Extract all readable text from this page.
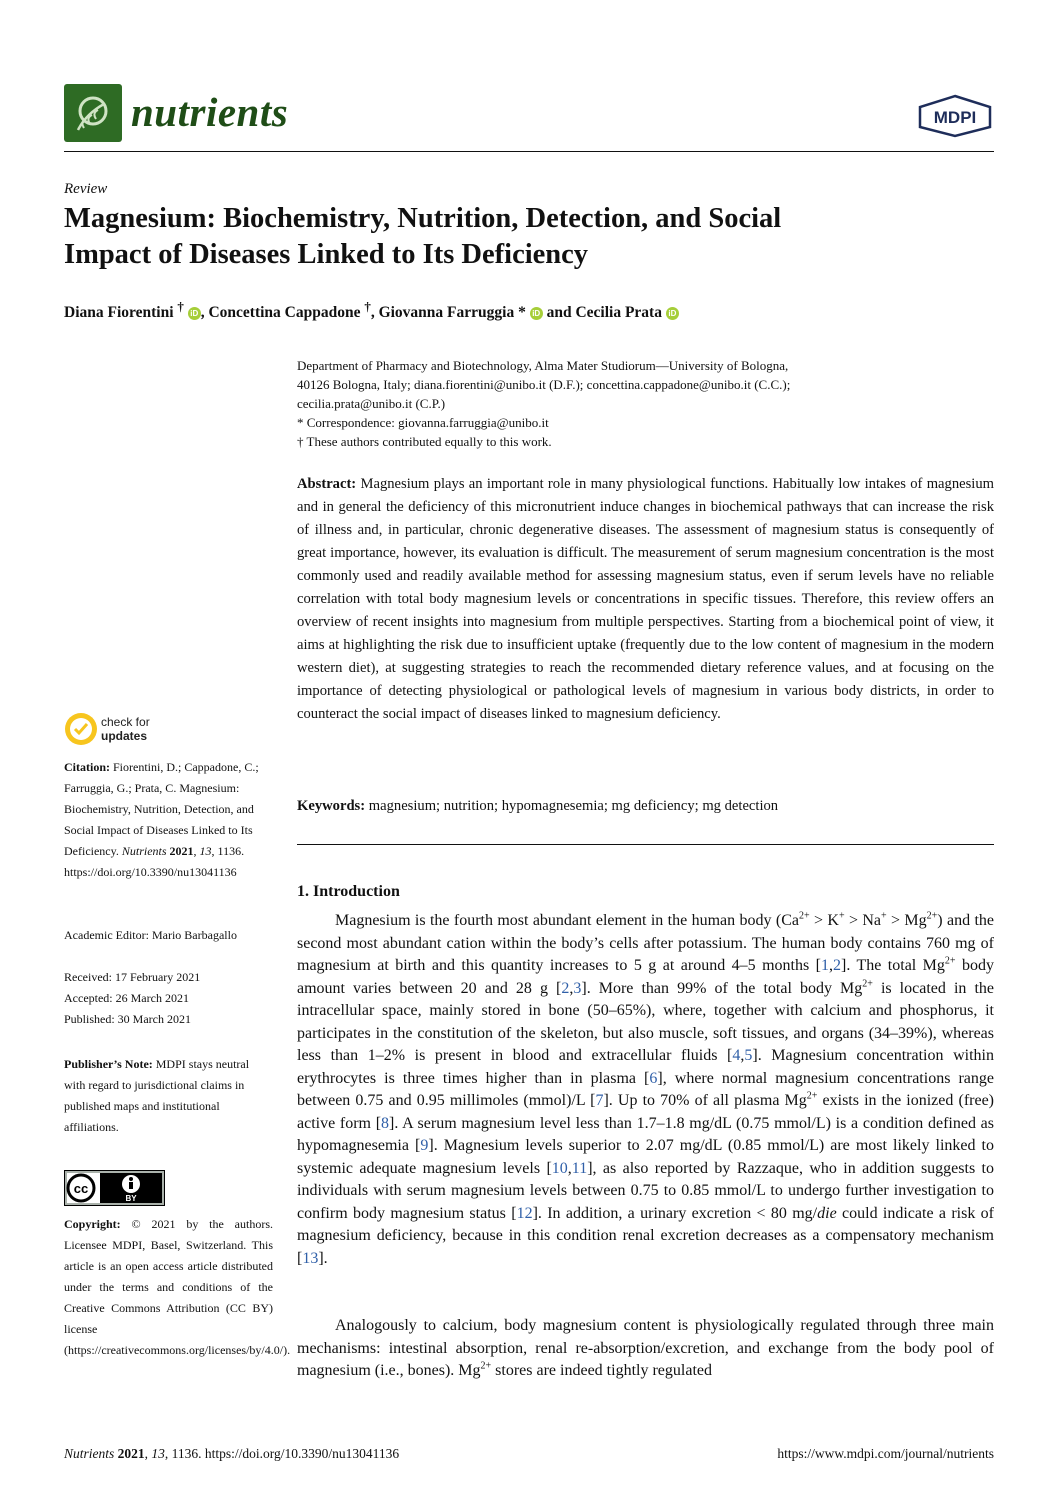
nutrients	MDPI
Review
Magnesium: Biochemistry, Nutrition, Detection, and Social
Impact of Diseases Linked to Its Deficiency
Diana Fiorentini † iD , Concettina Cappadone †, Giovanna Farruggia * iD and Cecilia Prata iD
Department of Pharmacy and Biotechnology, Alma Mater Studiorum—University of Bologna,
40126 Bologna, Italy; diana.fiorentini@unibo.it (D.F.); concettina.cappadone@unibo.it (C.C.);
cecilia.prata@unibo.it (C.P.)
* Correspondence: giovanna.farruggia@unibo.it
† These authors contributed equally to this work.
Abstract: Magnesium plays an important role in many physiological functions. Habitually low intakes of magnesium and in general the deficiency of this micronutrient induce changes in biochemical pathways that can increase the risk of illness and, in particular, chronic degenerative diseases. The assessment of magnesium status is consequently of great importance, however, its evaluation is difficult. The measurement of serum magnesium concentration is the most commonly used and readily available method for assessing magnesium status, even if serum levels have no reliable correlation with total body magnesium levels or concentrations in specific tissues. Therefore, this review offers an overview of recent insights into magnesium from multiple perspectives. Starting from a biochemical point of view, it aims at highlighting the risk due to insufficient uptake (frequently due to the low content of magnesium in the modern western diet), at suggesting strategies to reach the recommended dietary reference values, and at focusing on the importance of detecting physiological or pathological levels of magnesium in various body districts, in order to counteract the social impact of diseases linked to magnesium deficiency.
Keywords: magnesium; nutrition; hypomagnesemia; mg deficiency; mg detection
1. Introduction
Magnesium is the fourth most abundant element in the human body $(Ca^{2+} > K^+ > Na^+ > Mg^{2+})$ and the second most abundant cation within the body’s cells after potassium. The human body contains 760 mg of magnesium at birth and this quantity increases to 5 g at around 4–5 months [1,2]. The total $Mg^{2+}$ body amount varies between 20 and 28 g [2,3]. More than 99% of the total body $Mg^{2+}$ is located in the intracellular space, mainly stored in bone (50–65%), where, together with calcium and phosphorus, it participates in the constitution of the skeleton, but also muscle, soft tissues, and organs (34–39%), whereas less than 1–2% is present in blood and extracellular fluids [4,5]. Magnesium concentration within erythrocytes is three times higher than in plasma [6], where normal magnesium concentrations range between 0.75 and 0.95 millimoles (mmol)/L [7]. Up to 70% of all plasma $Mg^{2+}$ exists in the ionized (free) active form [8]. A serum magnesium level less than 1.7–1.8 mg/dL (0.75 mmol/L) is a condition defined as hypomagnesemia [9]. Magnesium levels superior to 2.07 mg/dL (0.85 mmol/L) are most likely linked to systemic adequate magnesium levels [10,11], as also reported by Razzaque, who in addition suggests to individuals with serum magnesium levels between 0.75 to 0.85 mmol/L to undergo further investigation to confirm body magnesium status [12]. In addition, a urinary excretion < 80 mg/die could indicate a risk of magnesium deficiency, because in this condition renal excretion decreases as a compensatory mechanism [13].
Analogously to calcium, body magnesium content is physiologically regulated through three main mechanisms: intestinal absorption, renal re-absorption/excretion, and exchange from the body pool of magnesium (i.e., bones). $Mg^{2+}$ stores are indeed tightly regulated
check for
updates
Citation: Fiorentini, D.; Cappadone, C.; Farruggia, G.; Prata, C. Magnesium: Biochemistry, Nutrition, Detection, and Social Impact of Diseases Linked to Its Deficiency. Nutrients 2021, 13, 1136. https://doi.org/10.3390/nu13041136
Academic Editor: Mario Barbagallo
Received: 17 February 2021
Accepted: 26 March 2021
Published: 30 March 2021
Publisher’s Note: MDPI stays neutral with regard to jurisdictional claims in published maps and institutional affiliations.
cc
BY
Copyright: © 2021 by the authors. Licensee MDPI, Basel, Switzerland. This article is an open access article distributed under the terms and conditions of the Creative Commons Attribution (CC BY) license (https://creativecommons.org/licenses/by/4.0/).
Nutrients 2021, 13, 1136. https://doi.org/10.3390/nu13041136	https://www.mdpi.com/journal/nutrients
